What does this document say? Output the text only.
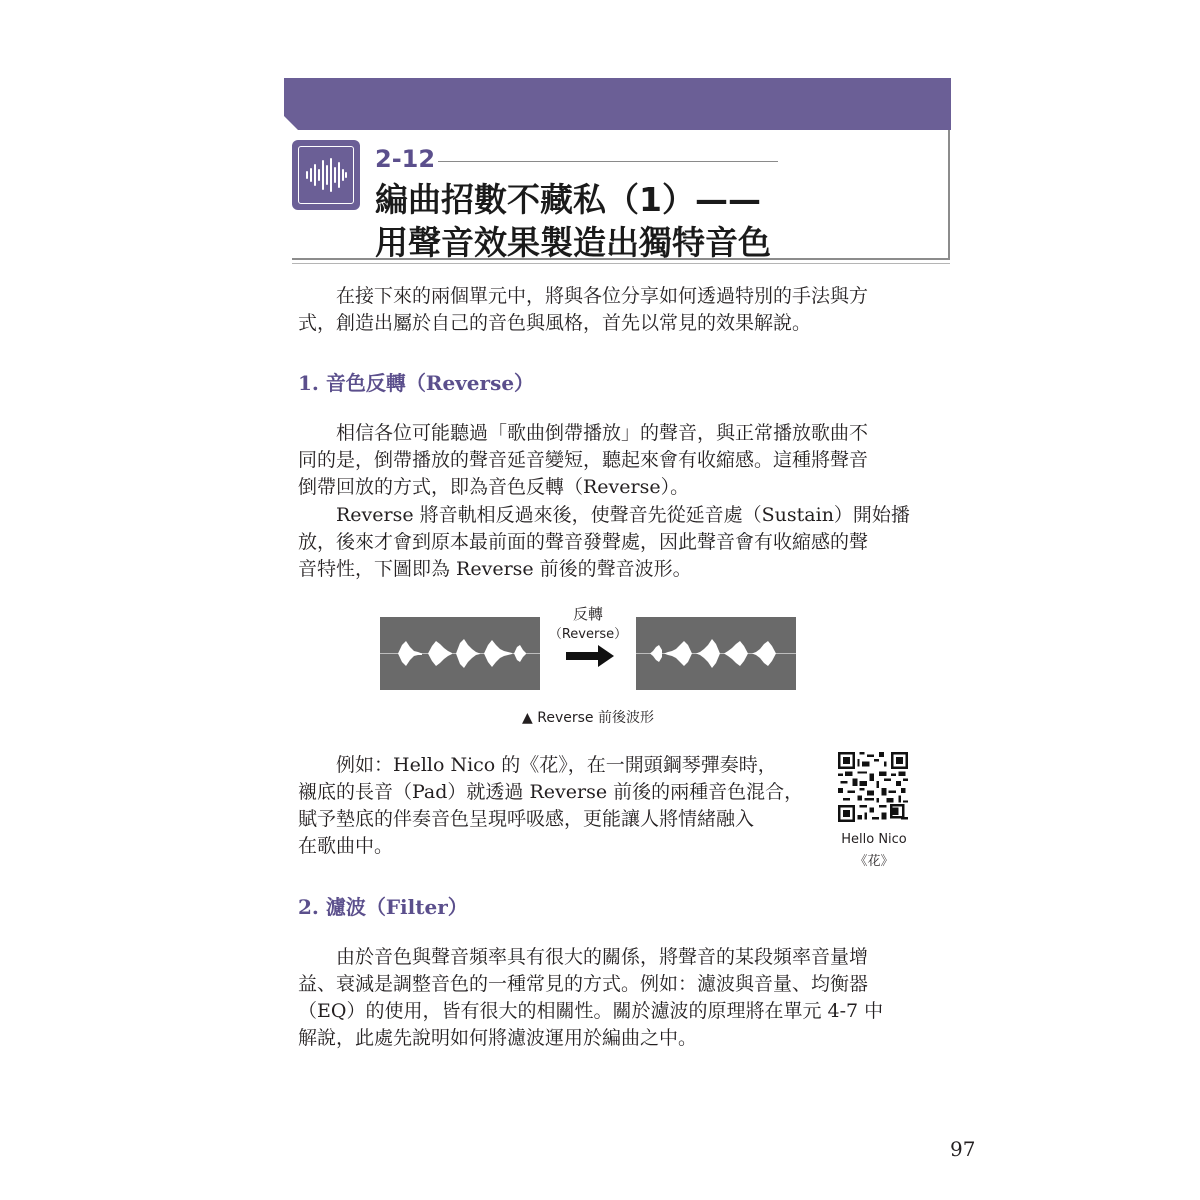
2-12
編曲招數不藏私（1）——
用聲音效果製造出獨特音色
在接下來的兩個單元中，將與各位分享如何透過特別的手法與方
式，創造出屬於自己的音色與風格，首先以常見的效果解說。
1. 音色反轉（Reverse）
相信各位可能聽過「歌曲倒帶播放」的聲音，與正常播放歌曲不
同的是，倒帶播放的聲音延音變短，聽起來會有收縮感。這種將聲音
倒帶回放的方式，即為音色反轉（Reverse）。
Reverse 將音軌相反過來後，使聲音先從延音處（Sustain）開始播
放，後來才會到原本最前面的聲音發聲處，因此聲音會有收縮感的聲
音特性，下圖即為 Reverse 前後的聲音波形。
反轉
（Reverse）
▲ Reverse 前後波形
例如：Hello Nico 的《花》，在一開頭鋼琴彈奏時，
襯底的長音（Pad）就透過 Reverse 前後的兩種音色混合，
賦予墊底的伴奏音色呈現呼吸感，更能讓人將情緒融入
在歌曲中。	Hello Nico
《花》
2. 濾波（Filter）
由於音色與聲音頻率具有很大的關係，將聲音的某段頻率音量增
益、衰減是調整音色的一種常見的方式。例如：濾波與音量、均衡器
（EQ）的使用，皆有很大的相關性。關於濾波的原理將在單元 4-7 中
解說，此處先說明如何將濾波運用於編曲之中。
97
